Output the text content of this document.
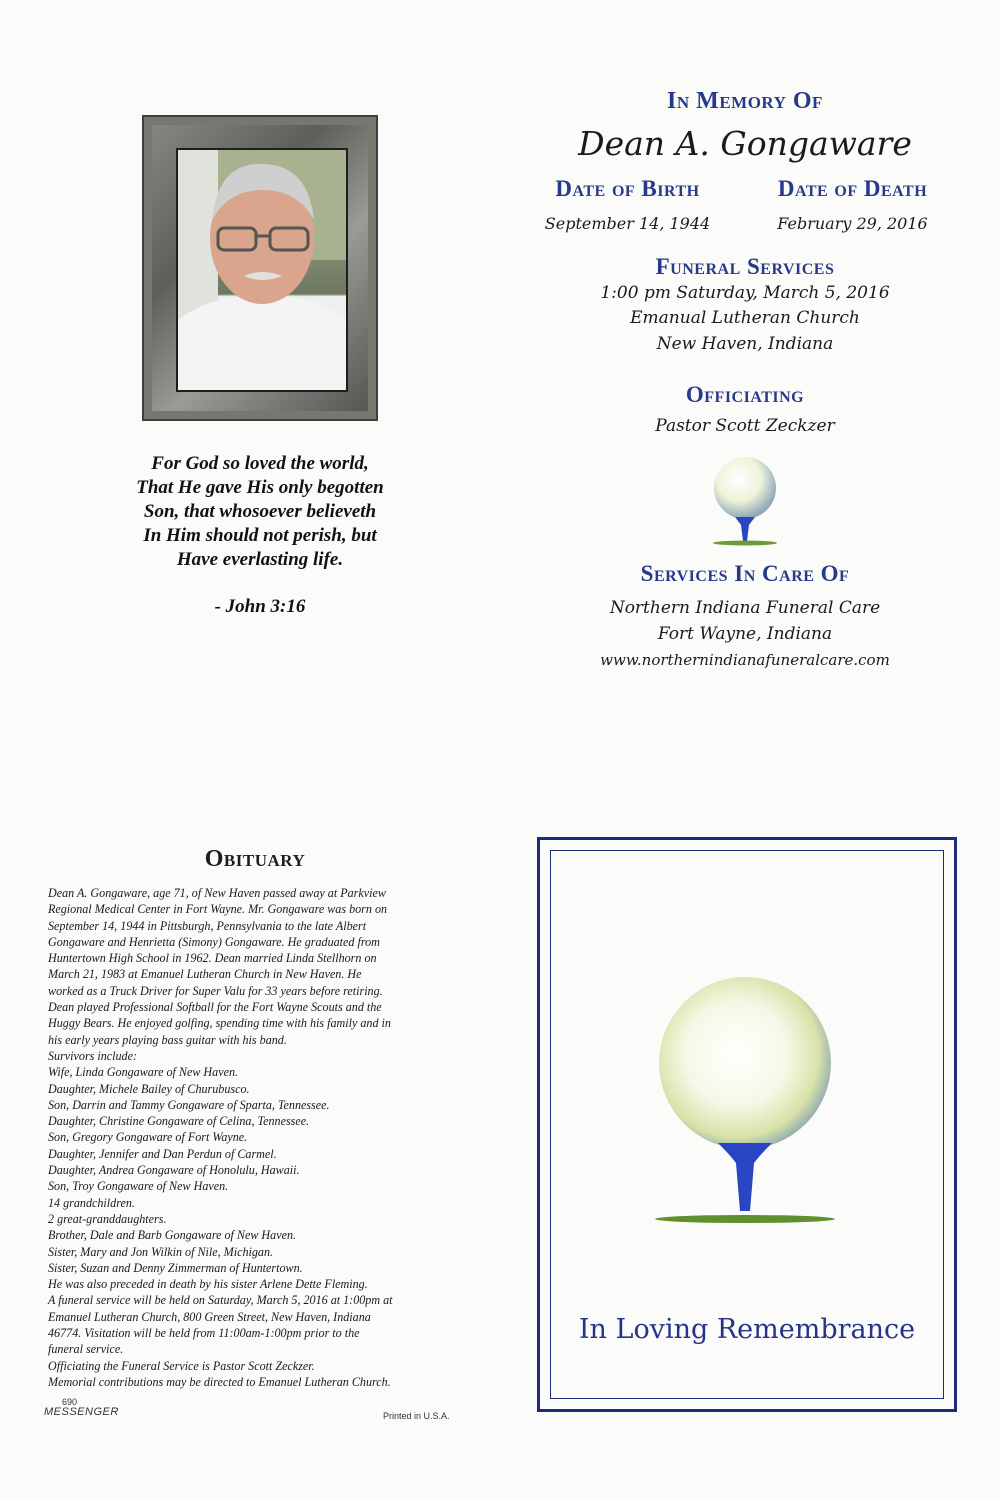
For God so loved the world,
That He gave His only begotten
Son, that whosoever believeth
In Him should not perish, but
Have everlasting life.
- John 3:16
In Memory Of
Dean A. Gongaware
Date of Birth
September 14, 1944
Date of Death
February 29, 2016
Funeral Services
1:00 pm Saturday, March 5, 2016
Emanual Lutheran Church
New Haven, Indiana
Officiating
Pastor Scott Zeckzer
Services In Care Of
Northern Indiana Funeral Care
Fort Wayne, Indiana
www.northernindianafuneralcare.com
Obituary
Dean A. Gongaware, age 71, of New Haven passed away at Parkview
Regional Medical Center in Fort Wayne. Mr. Gongaware was born on
September 14, 1944 in Pittsburgh, Pennsylvania to the late Albert
Gongaware and Henrietta (Simony) Gongaware. He graduated from
Huntertown High School in 1962. Dean married Linda Stellhorn on
March 21, 1983 at Emanuel Lutheran Church in New Haven. He
worked as a Truck Driver for Super Valu for 33 years before retiring.
Dean played Professional Softball for the Fort Wayne Scouts and the
Huggy Bears. He enjoyed golfing, spending time with his family and in
his early years playing bass guitar with his band.
Survivors include:
Wife, Linda Gongaware of New Haven.
Daughter, Michele Bailey of Churubusco.
Son, Darrin and Tammy Gongaware of Sparta, Tennessee.
Daughter, Christine Gongaware of Celina, Tennessee.
Son, Gregory Gongaware of Fort Wayne.
Daughter, Jennifer and Dan Perdun of Carmel.
Daughter, Andrea Gongaware of Honolulu, Hawaii.
Son, Troy Gongaware of New Haven.
14 grandchildren.
2 great-granddaughters.
Brother, Dale and Barb Gongaware of New Haven.
Sister, Mary and Jon Wilkin of Nile, Michigan.
Sister, Suzan and Denny Zimmerman of Huntertown.
He was also preceded in death by his sister Arlene Dette Fleming.
A funeral service will be held on Saturday, March 5, 2016 at 1:00pm at
Emanuel Lutheran Church, 800 Green Street, New Haven, Indiana
46774. Visitation will be held from 11:00am-1:00pm prior to the
funeral service.
Officiating the Funeral Service is Pastor Scott Zeckzer.
Memorial contributions may be directed to Emanuel Lutheran Church.
690
MESSENGER	Printed in U.S.A.
In Loving Remembrance
